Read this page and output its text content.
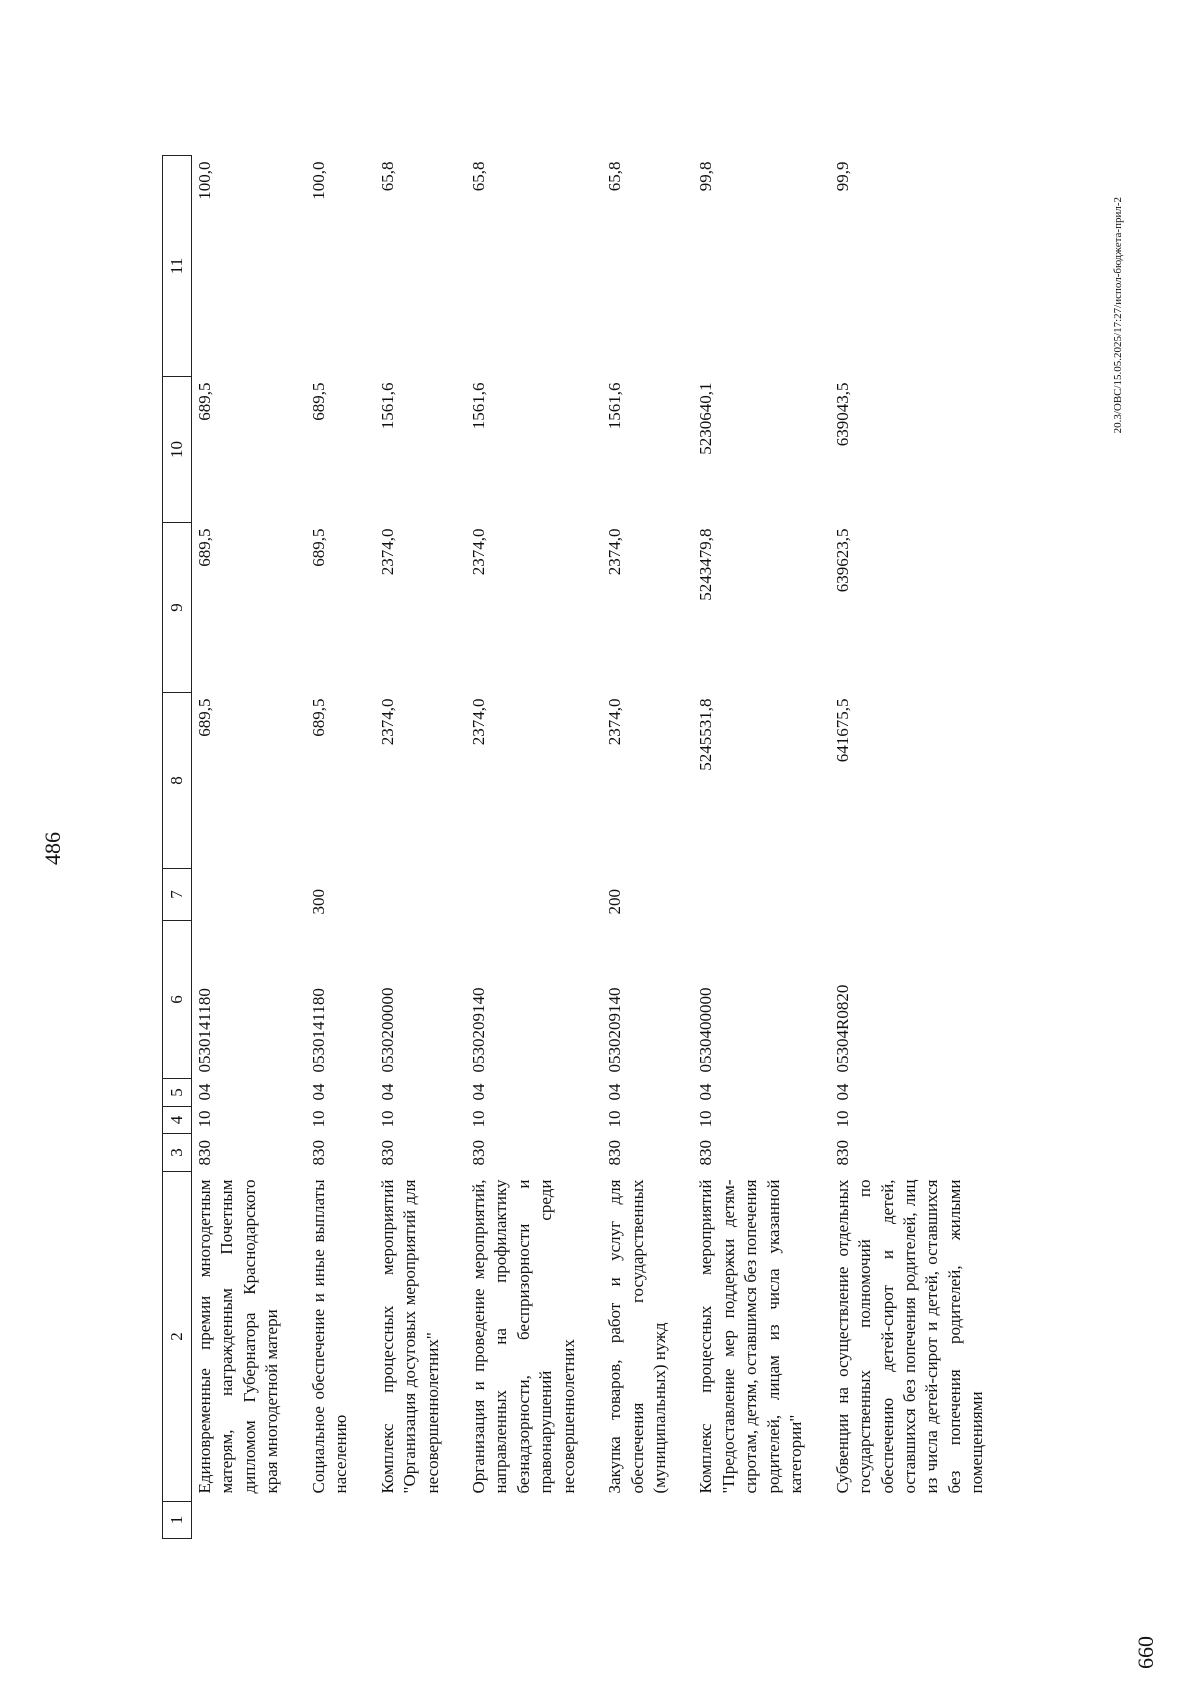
486
1	2	3	4	5	6	7	8	9	10	11
	Единовременные премии многодетным матерям, награжденным Почетным дипломом Губернатора Краснодарского края многодетной матери	830	10	04	0530141180		689,5	689,5	689,5	100,0
	Социальное обеспечение и иные выплаты населению	830	10	04	0530141180	300	689,5	689,5	689,5	100,0
	Комплекс процессных мероприятий "Организация досуговых мероприятий для несовершеннолетних"	830	10	04	0530200000		2374,0	2374,0	1561,6	65,8
	Организация и проведение мероприятий, направленных на профилактику безнадзорности, беспризорности и правонарушений среди несовершеннолетних	830	10	04	0530209140		2374,0	2374,0	1561,6	65,8
	Закупка товаров, работ и услуг для обеспечения государственных (муниципальных) нужд	830	10	04	0530209140	200	2374,0	2374,0	1561,6	65,8
	Комплекс процессных мероприятий "Предоставление мер поддержки детям-сиротам, детям, оставшимся без попечения родителей, лицам из числа указанной категории"	830	10	04	0530400000		5245531,8	5243479,8	5230640,1	99,8
	Субвенции на осуществление отдельных государственных полномочий по обеспечению детей-сирот и детей, оставшихся без попечения родителей, лиц из числа детей-сирот и детей, оставшихся без попечения родителей, жилыми помещениями	830	10	04	05304R0820		641675,5	639623,5	639043,5	99,9
20.3/ОВС/15.05.2025/17:27/испол-бюджета-прил-2
660
